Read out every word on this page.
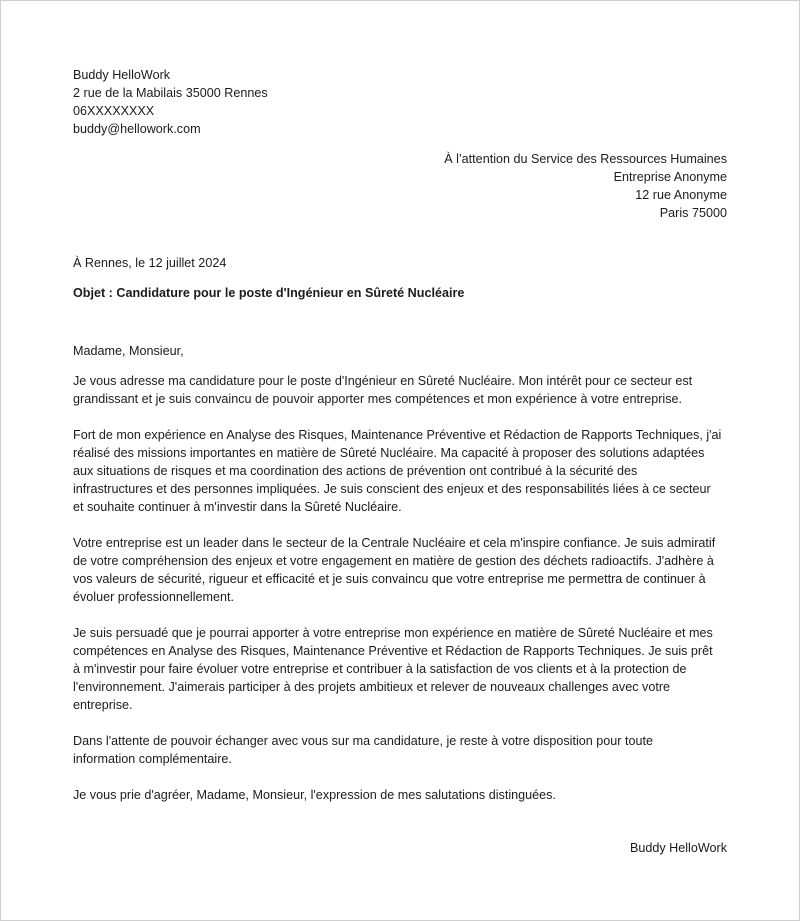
Buddy HelloWork
2 rue de la Mabilais 35000 Rennes
06XXXXXXXX
buddy@hellowork.com
À l’attention du Service des Ressources Humaines
Entreprise Anonyme
12 rue Anonyme
Paris 75000
À Rennes, le 12 juillet 2024
Objet : Candidature pour le poste d'Ingénieur en Sûreté Nucléaire
Madame, Monsieur,

Je vous adresse ma candidature pour le poste d'Ingénieur en Sûreté Nucléaire. Mon intérêt pour ce secteur est
grandissant et je suis convaincu de pouvoir apporter mes compétences et mon expérience à votre entreprise.

Fort de mon expérience en Analyse des Risques, Maintenance Préventive et Rédaction de Rapports Techniques, j'ai
réalisé des missions importantes en matière de Sûreté Nucléaire. Ma capacité à proposer des solutions adaptées
aux situations de risques et ma coordination des actions de prévention ont contribué à la sécurité des
infrastructures et des personnes impliquées. Je suis conscient des enjeux et des responsabilités liées à ce secteur
et souhaite continuer à m'investir dans la Sûreté Nucléaire.

Votre entreprise est un leader dans le secteur de la Centrale Nucléaire et cela m'inspire confiance. Je suis admiratif
de votre compréhension des enjeux et votre engagement en matière de gestion des déchets radioactifs. J'adhère à
vos valeurs de sécurité, rigueur et efficacité et je suis convaincu que votre entreprise me permettra de continuer à
évoluer professionnellement.

Je suis persuadé que je pourrai apporter à votre entreprise mon expérience en matière de Sûreté Nucléaire et mes
compétences en Analyse des Risques, Maintenance Préventive et Rédaction de Rapports Techniques. Je suis prêt
à m'investir pour faire évoluer votre entreprise et contribuer à la satisfaction de vos clients et à la protection de
l'environnement. J'aimerais participer à des projets ambitieux et relever de nouveaux challenges avec votre
entreprise.

Dans l'attente de pouvoir échanger avec vous sur ma candidature, je reste à votre disposition pour toute
information complémentaire.

Je vous prie d'agréer, Madame, Monsieur, l'expression de mes salutations distinguées.

Buddy HelloWork
